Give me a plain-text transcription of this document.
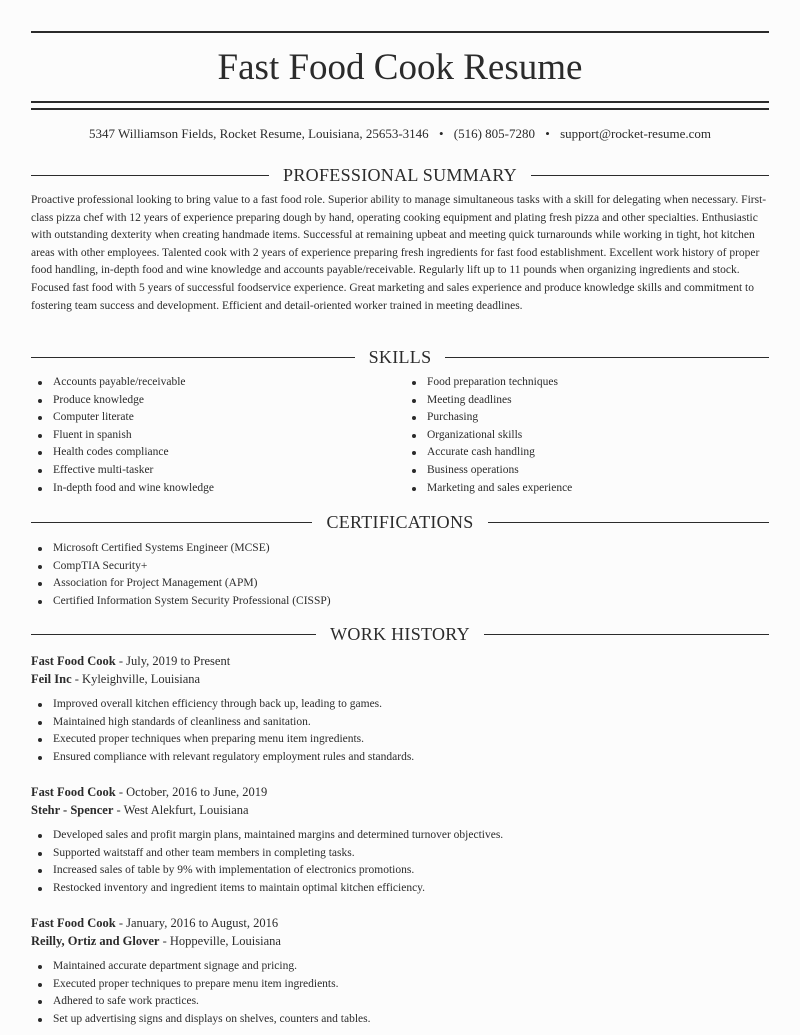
Fast Food Cook Resume
5347 Williamson Fields, Rocket Resume, Louisiana, 25653-3146 • (516) 805-7280 • support@rocket-resume.com
PROFESSIONAL SUMMARY

Proactive professional looking to bring value to a fast food role. Superior ability to manage simultaneous tasks with a skill for delegating when necessary. First-class pizza chef with 12 years of experience preparing dough by hand, operating cooking equipment and plating fresh pizza and other specialties. Enthusiastic with outstanding dexterity when creating handmade items. Successful at remaining upbeat and meeting quick turnarounds while working in tight, hot kitchen areas with other employees. Talented cook with 2 years of experience preparing fresh ingredients for fast food establishment. Excellent work history of proper food handling, in-depth food and wine knowledge and accounts payable/receivable. Regularly lift up to 11 pounds when organizing ingredients and stock. Focused fast food with 5 years of successful foodservice experience. Great marketing and sales experience and produce knowledge skills and commitment to fostering team success and development. Efficient and detail-oriented worker trained in meeting deadlines.

SKILLS
Accounts payable/receivable
Produce knowledge
Computer literate
Fluent in spanish
Health codes compliance
Effective multi-tasker
In-depth food and wine knowledge
Food preparation techniques
Meeting deadlines
Purchasing
Organizational skills
Accurate cash handling
Business operations
Marketing and sales experience
CERTIFICATIONS
Microsoft Certified Systems Engineer (MCSE)
CompTIA Security+
Association for Project Management (APM)
Certified Information System Security Professional (CISSP)
WORK HISTORY
Fast Food Cook - July, 2019 to Present
Feil Inc - Kyleighville, Louisiana
Improved overall kitchen efficiency through back up, leading to games.
Maintained high standards of cleanliness and sanitation.
Executed proper techniques when preparing menu item ingredients.
Ensured compliance with relevant regulatory employment rules and standards.
Fast Food Cook - October, 2016 to June, 2019
Stehr - Spencer - West Alekfurt, Louisiana
Developed sales and profit margin plans, maintained margins and determined turnover objectives.
Supported waitstaff and other team members in completing tasks.
Increased sales of table by 9% with implementation of electronics promotions.
Restocked inventory and ingredient items to maintain optimal kitchen efficiency.
Fast Food Cook - January, 2016 to August, 2016
Reilly, Ortiz and Glover - Hoppeville, Louisiana
Maintained accurate department signage and pricing.
Executed proper techniques to prepare menu item ingredients.
Adhered to safe work practices.
Set up advertising signs and displays on shelves, counters and tables.
